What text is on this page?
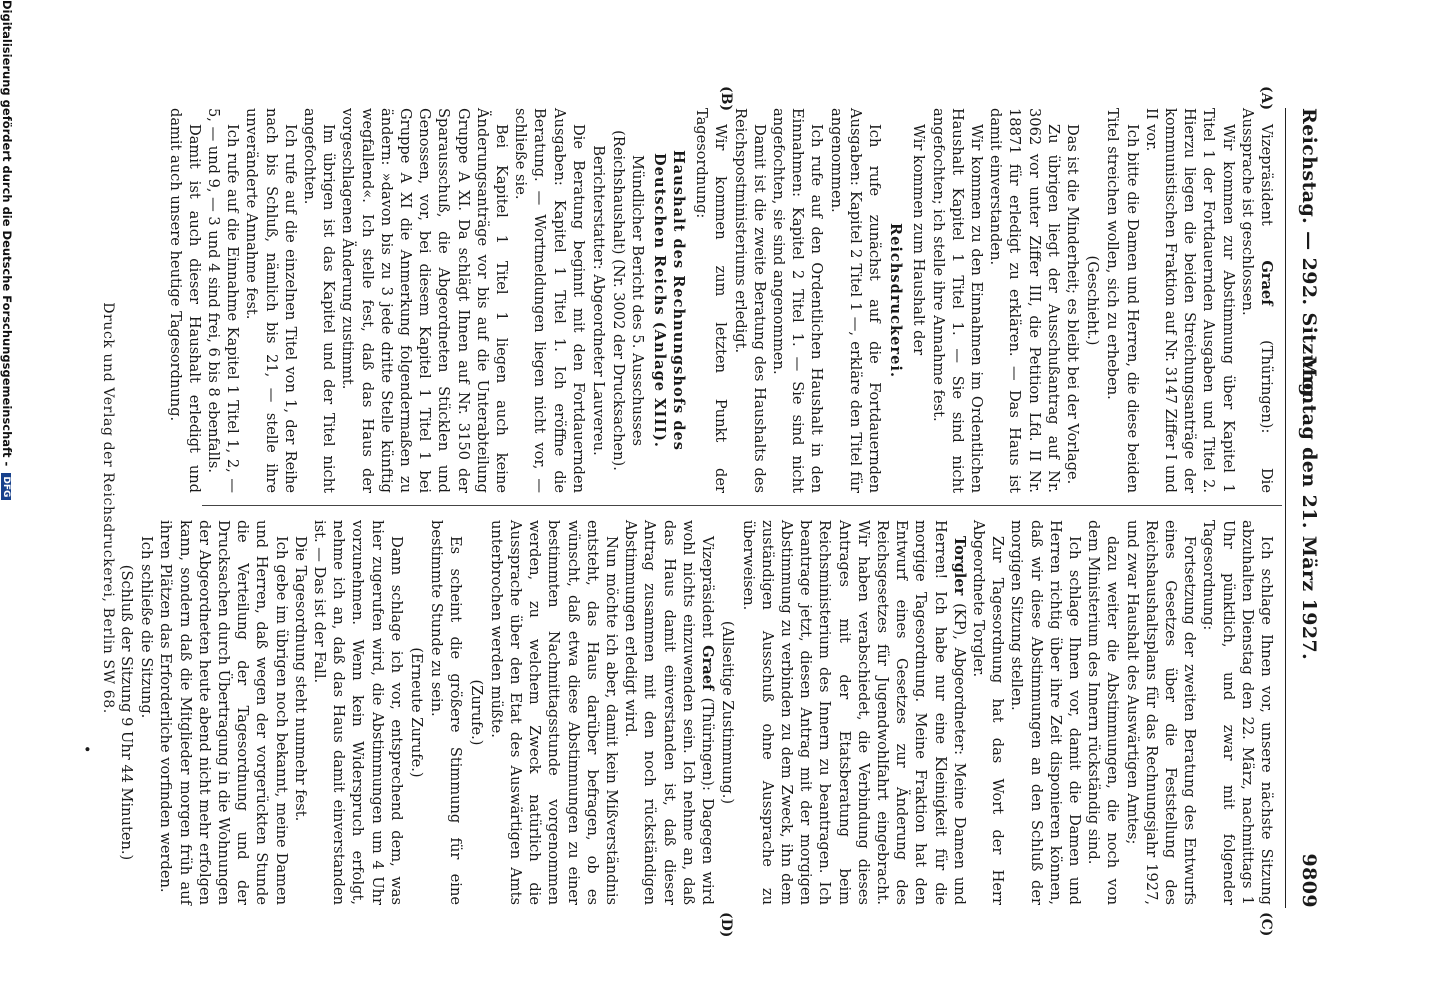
Reichstag. — 292. Sitzung.
Montag den 21. März 1927.
9809
(A)
(B)
(C)
(D)

Vizepräsident Graef (Thüringen): Die Aussprache ist geschlossen.

Wir kommen zur Abstimmung über Kapitel 1 Titel 1 der Fortdauernden Ausgaben und Titel 2. Hierzu liegen die beiden Streichungsanträge der kommunistischen Fraktion auf Nr. 3147 Ziffer I und II vor.

Ich bitte die Damen und Herren, die diese beiden Titel streichen wollen, sich zu erheben.

(Geschieht.)

Das ist die Minderheit; es bleibt bei der Vorlage.

Zu übrigen liegt der Ausschußantrag auf Nr. 3062 vor unter Ziffer III, die Petition Lfd. II Nr. 18871 für erledigt zu erklären. — Das Haus ist damit einverstanden.

Wir kommen zu den Einnahmen im Ordentlichen Haushalt Kapitel 1 Titel 1. — Sie sind nicht angefochten; ich stelle ihre Annahme fest.

Wir kommen zum Haushalt der

Reichsdruckerei.

Ich rufe zunächst auf die Fortdauernden Ausgaben: Kapitel 2 Titel 1 —, erkläre den Titel für angenommen.

Ich rufe auf den Ordentlichen Haushalt in den Einnahmen: Kapitel 2 Titel 1. — Sie sind nicht angefochten, sie sind angenommen.

Damit ist die zweite Beratung des Haushalts des Reichspostministeriums erledigt.

Wir kommen zum letzten Punkt der Tagesordnung:

Haushalt des Rechnungshofs des Deutschen Reichs (Anlage XIII).

Mündlicher Bericht des 5. Ausschusses (Reichshaushalt) (Nr. 3002 der Drucksachen).

Berichterstatter: Abgeordneter Lauvereu.

Die Beratung beginnt mit den Fortdauernden Ausgaben: Kapitel 1 Titel 1. Ich eröffne die Beratung. — Wortmeldungen liegen nicht vor, — schließe sie.

Bei Kapitel 1 Titel 1 liegen auch keine Änderungsanträge vor bis auf die Unterabteilung Gruppe A XI. Da schlägt Ihnen auf Nr. 3150 der Sparausschuß, die Abgeordneten Stücklen und Genossen, vor, bei diesem Kapitel 1 Titel 1 bei Gruppe A XI die Anmerkung folgendermaßen zu ändern: »davon bis zu 3 jede dritte Stelle künftig wegfallend«. Ich stelle fest, daß das Haus der vorgeschlagenen Änderung zustimmt.

Im übrigen ist das Kapitel und der Titel nicht angefochten.

Ich rufe auf die einzelnen Titel von 1, der Reihe nach bis Schluß, nämlich bis 21, — stelle ihre unveränderte Annahme fest.

Ich rufe auf die Einnahme Kapitel 1 Titel 1, 2, — 5, — und 9, — 3 und 4 sind frei, 6 bis 8 ebenfalls.

Damit ist auch dieser Haushalt erledigt und damit auch unsere heutige Tagesordnung.

Ich schlage Ihnen vor, unsere nächste Sitzung abzuhalten Dienstag den 22. März, nachmittags 1 Uhr pünktlich, und zwar mit folgender Tagesordnung:

Fortsetzung der zweiten Beratung des Entwurfs eines Gesetzes über die Feststellung des Reichshaushaltsplans für das Rechnungsjahr 1927, und zwar Haushalt des Auswärtigen Amtes;

dazu weiter die Abstimmungen, die noch von dem Ministerium des Innern rückständig sind.

Ich schlage Ihnen vor, damit die Damen und Herren richtig über ihre Zeit disponieren können, daß wir diese Abstimmungen an den Schluß der morgigen Sitzung stellen.

Zur Tagesordnung hat das Wort der Herr Abgeordnete Torgler.

Torgler (KP), Abgeordneter: Meine Damen und Herren! Ich habe nur eine Kleinigkeit für die morgige Tagesordnung. Meine Fraktion hat den Entwurf eines Gesetzes zur Änderung des Reichsgesetzes für Jugendwohlfahrt eingebracht. Wir haben verabschiedet, die Verbindung dieses Antrages mit der Etatsberatung beim Reichsministerium des Innern zu beantragen. Ich beantrage jetzt, diesen Antrag mit der morgigen Abstimmung zu verbinden zu dem Zweck, ihn dem zuständigen Ausschuß ohne Aussprache zu überweisen.

(Allseitige Zustimmung.)

Vizepräsident Graef (Thüringen): Dagegen wird wohl nichts einzuwenden sein. Ich nehme an, daß das Haus damit einverstanden ist, daß dieser Antrag zusammen mit den noch rückständigen Abstimmungen erledigt wird.

Nun möchte ich aber, damit kein Mißverständnis entsteht, das Haus darüber befragen, ob es wünscht, daß etwa diese Abstimmungen zu einer bestimmten Nachmittagsstunde vorgenommen werden, zu welchem Zweck natürlich die Aussprache über den Etat des Auswärtigen Amts unterbrochen werden müßte.

(Zurufe.)

Es scheint die größere Stimmung für eine bestimmte Stunde zu sein.

(Erneute Zurufe.)

Dann schlage ich vor, entsprechend dem, was hier zugerufen wird, die Abstimmungen um 4 Uhr vorzunehmen. Wenn kein Widerspruch erfolgt, nehme ich an, daß das Haus damit einverstanden ist. — Das ist der Fall.

Die Tagesordnung steht nunmehr fest.

Ich gebe im übrigen noch bekannt, meine Damen und Herren, daß wegen der vorgerückten Stunde die Verteilung der Tagesordnung und der Drucksachen durch Übertragung in die Wohnungen der Abgeordneten heute abend nicht mehr erfolgen kann, sondern daß die Mitglieder morgen früh auf ihren Plätzen das Erforderliche vorfinden werden.

Ich schließe die Sitzung.

(Schluß der Sitzung 9 Uhr 44 Minuten.)

Druck und Verlag der Reichsdruckerei, Berlin SW 68.
•
Digitalisierung gefördert durch die Deutsche Forschungsgemeinschaft - DFG
